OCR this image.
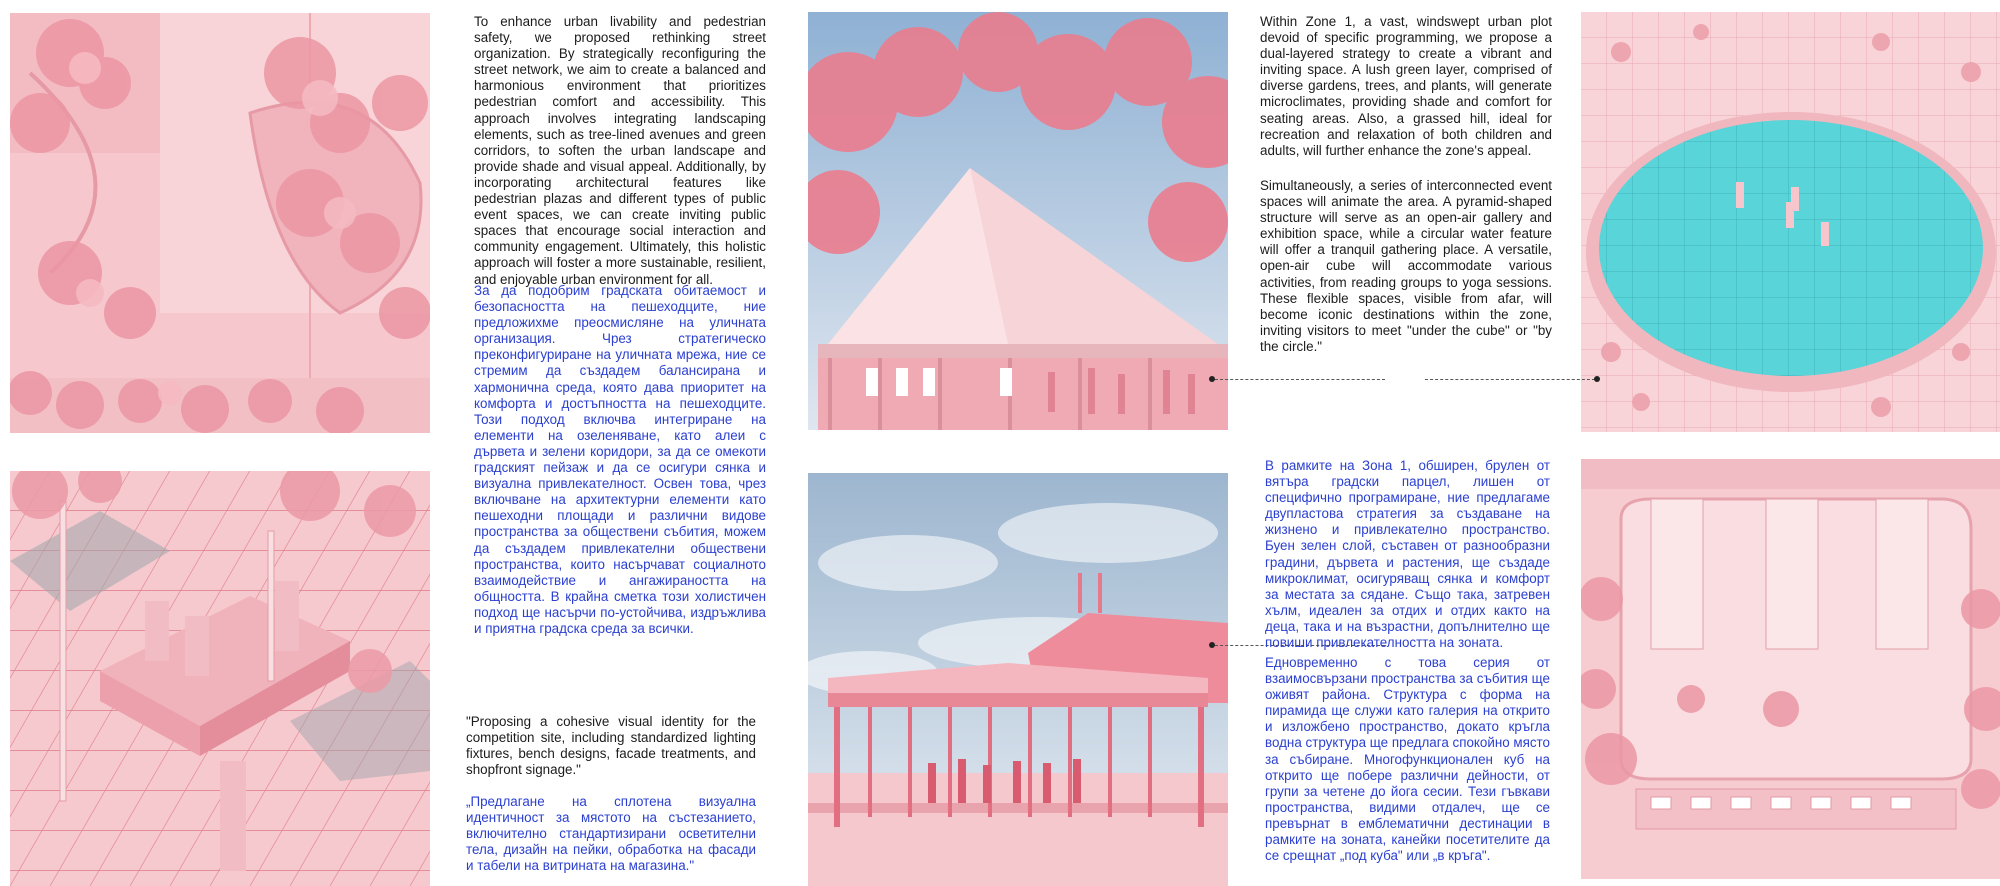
To enhance urban livability and pedestrian safety, we proposed rethinking street organization. By strategically reconfiguring the street network, we aim to create a balanced and harmonious environment that prioritizes pedestrian comfort and accessibility. This approach involves integrating landscaping elements, such as tree-lined avenues and green corridors, to soften the urban landscape and provide shade and visual appeal. Additionally, by incorporating architectural features like pedestrian plazas and different types of public event spaces, we can create inviting public spaces that encourage social interaction and community engagement. Ultimately, this holistic approach will foster a more sustainable, resilient, and enjoyable urban environment for all.

За да подобрим градската обитаемост и безопасността на пешеходците, ние предложихме преосмисляне на уличната организация. Чрез стратегическо преконфигуриране на уличната мрежа, ние се стремим да създадем балансирана и хармонична среда, която дава приоритет на комфорта и достъпността на пешеходците. Този подход включва интегриране на елементи на озеленяване, като алеи с дървета и зелени коридори, за да се омекоти градският пейзаж и да се осигури сянка и визуална привлекателност. Освен това, чрез включване на архитектурни елементи като пешеходни площади и различни видове пространства за обществени събития, можем да създадем привлекателни обществени пространства, които насърчават социалното взаимодействие и ангажираността на общността. В крайна сметка този холистичен подход ще насърчи по-устойчива, издръжлива и приятна градска среда за всички.

Within Zone 1, a vast, windswept urban plot devoid of specific programming, we propose a dual-layered strategy to create a vibrant and inviting space. A lush green layer, comprised of diverse gardens, trees, and plants, will generate microclimates, providing shade and comfort for seating areas. Also, a grassed hill, ideal for recreation and relaxation of both children and adults, will further enhance the zone's appeal.

Simultaneously, a series of interconnected event spaces will animate the area. A pyramid-shaped structure will serve as an open-air gallery and exhibition space, while a circular water feature will offer a tranquil gathering place. A versatile, open-air cube will accommodate various activities, from reading groups to yoga sessions. These flexible spaces, visible from afar, will become iconic destinations within the zone, inviting visitors to meet "under the cube" or "by the circle."

"Proposing a cohesive visual identity for the competition site, including standardized lighting fixtures, bench designs, facade treatments, and shopfront signage."

„Предлагане на сплотена визуална идентичност за мястото на състезанието, включително стандартизирани осветителни тела, дизайн на пейки, обработка на фасади и табели на витрината на магазина."

В рамките на Зона 1, обширен, брулен от вятъра градски парцел, лишен от специфично програмиране, ние предлагаме двупластова стратегия за създаване на жизнено и привлекателно пространство. Буен зелен слой, съставен от разнообразни градини, дървета и растения, ще създаде микроклимат, осигуряващ сянка и комфорт за местата за сядане. Също така, затревен хълм, идеален за отдих и отдих както на деца, така и на възрастни, допълнително ще повиши привлекателността на зоната.

Едновременно с това серия от взаимосвързани пространства за събития ще оживят района. Структура с форма на пирамида ще служи като галерия на открито и изложбено пространство, докато кръгла водна структура ще предлага спокойно място за събиране. Многофункционален куб на открито ще побере различни дейности, от групи за четене до йога сесии. Тези гъвкави пространства, видими отдалеч, ще се превърнат в емблематични дестинации в рамките на зоната, канейки посетителите да се срещнат „под куба" или „в кръга".
